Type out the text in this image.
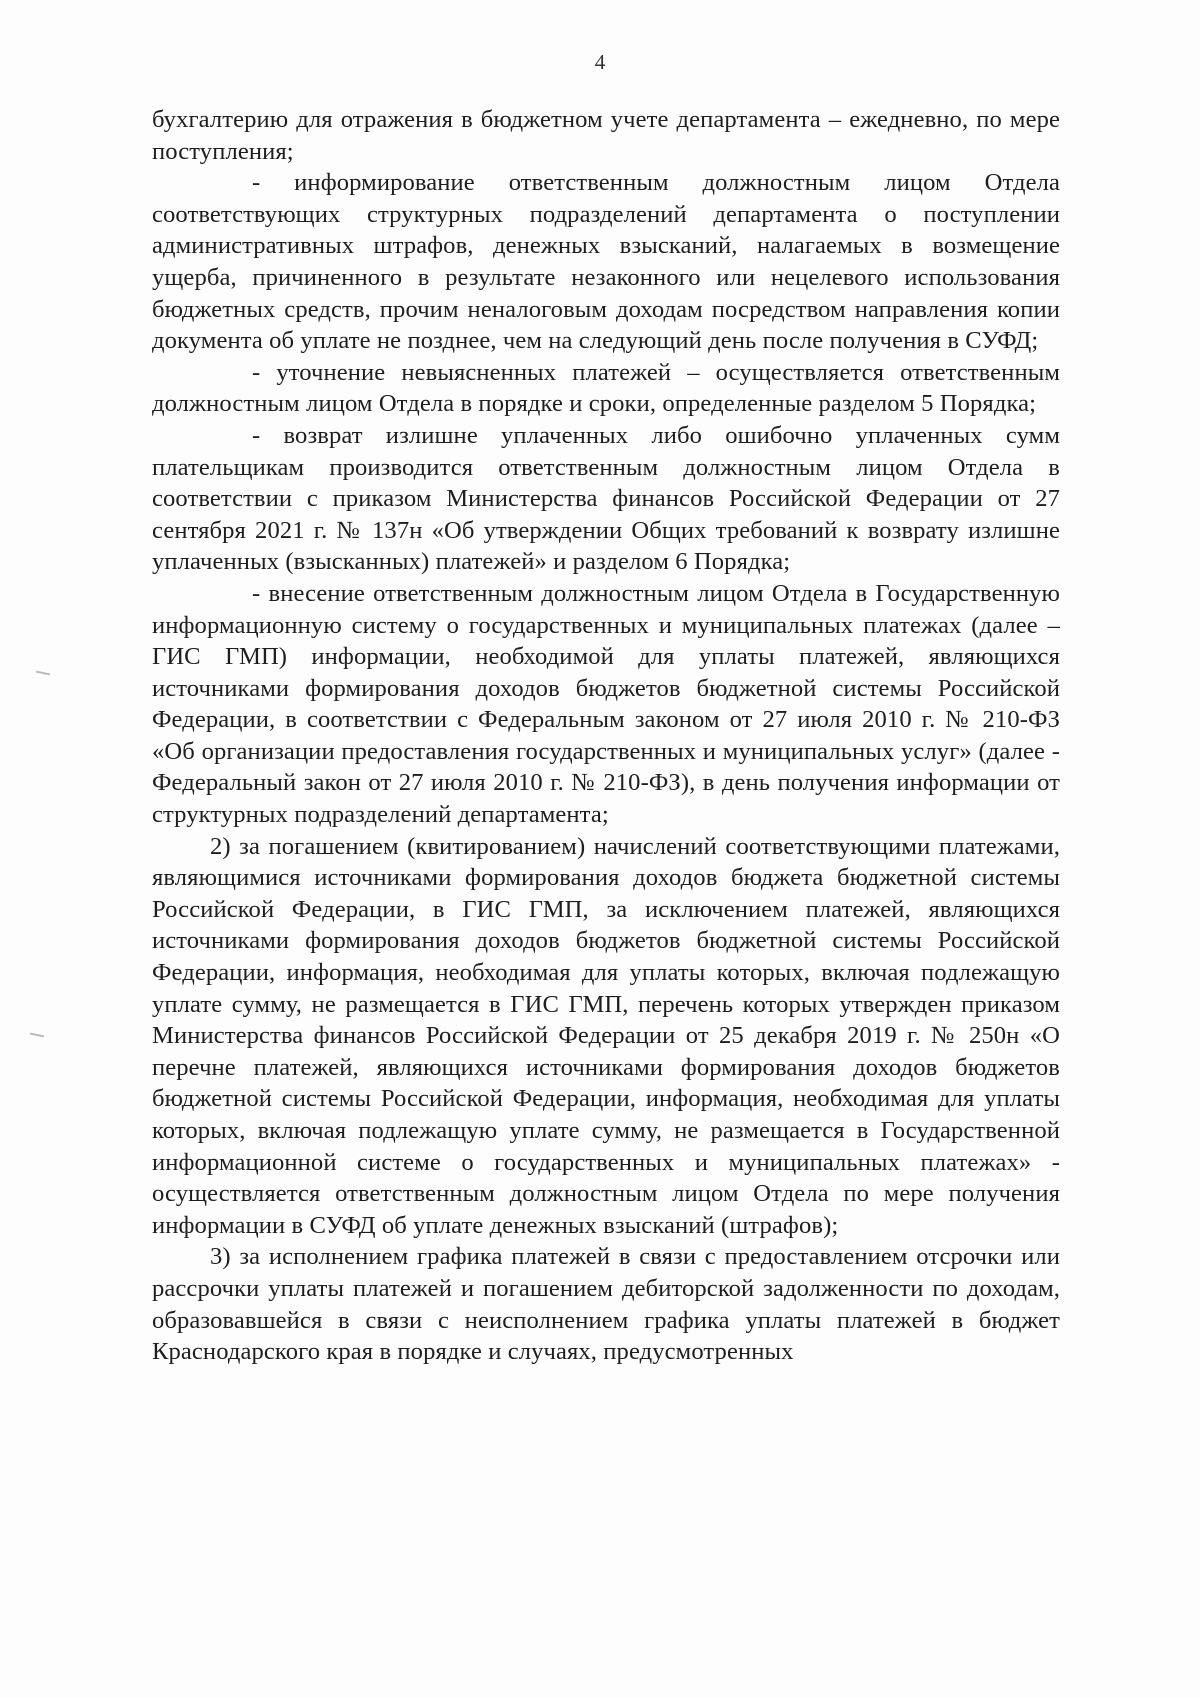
4

бухгалтерию для отражения в бюджетном учете департамента – ежедневно, по мере поступления;

- информирование ответственным должностным лицом Отдела соответствующих структурных подразделений департамента о поступлении административных штрафов, денежных взысканий, налагаемых в возмещение ущерба, причиненного в результате незаконного или нецелевого использования бюджетных средств, прочим неналоговым доходам посредством направления копии документа об уплате не позднее, чем на следующий день после получения в СУФД;

- уточнение невыясненных платежей – осуществляется ответственным должностным лицом Отдела в порядке и сроки, определенные разделом 5 Порядка;

- возврат излишне уплаченных либо ошибочно уплаченных сумм плательщикам производится ответственным должностным лицом Отдела в соответствии с приказом Министерства финансов Российской Федерации от 27 сентября 2021 г. № 137н «Об утверждении Общих требований к возврату излишне уплаченных (взысканных) платежей» и разделом 6 Порядка;

- внесение ответственным должностным лицом Отдела в Государственную информационную систему о государственных и муниципальных платежах (далее – ГИС ГМП) информации, необходимой для уплаты платежей, являющихся источниками формирования доходов бюджетов бюджетной системы Российской Федерации, в соответствии с Федеральным законом от 27 июля 2010 г. № 210-ФЗ «Об организации предоставления государственных и муниципальных услуг» (далее - Федеральный закон от 27 июля 2010 г. № 210-ФЗ), в день получения информации от структурных подразделений департамента;

2) за погашением (квитированием) начислений соответствующими платежами, являющимися источниками формирования доходов бюджета бюджетной системы Российской Федерации, в ГИС ГМП, за исключением платежей, являющихся источниками формирования доходов бюджетов бюджетной системы Российской Федерации, информация, необходимая для уплаты которых, включая подлежащую уплате сумму, не размещается в ГИС ГМП, перечень которых утвержден приказом Министерства финансов Российской Федерации от 25 декабря 2019 г. № 250н «О перечне платежей, являющихся источниками формирования доходов бюджетов бюджетной системы Российской Федерации, информация, необходимая для уплаты которых, включая подлежащую уплате сумму, не размещается в Государственной информационной системе о государственных и муниципальных платежах» - осуществляется ответственным должностным лицом Отдела по мере получения информации в СУФД об уплате денежных взысканий (штрафов);

3) за исполнением графика платежей в связи с предоставлением отсрочки или рассрочки уплаты платежей и погашением дебиторской задолженности по доходам, образовавшейся в связи с неисполнением графика уплаты платежей в бюджет Краснодарского края в порядке и случаях, предусмотренных
